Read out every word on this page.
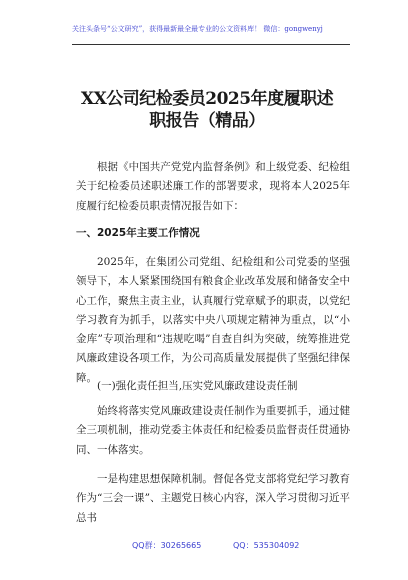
关注头条号“公文研究”，获得最新最全最专业的公文资料库！ 微信：gongwenyj
XX公司纪检委员2025年度履职述职报告（精品）
根据《中国共产党党内监督条例》和上级党委、纪检组关于纪检委员述职述廉工作的部署要求，现将本人2025年度履行纪检委员职责情况报告如下：
一、2025年主要工作情况
2025年，在集团公司党组、纪检组和公司党委的坚强领导下，本人紧紧围绕国有粮食企业改革发展和储备安全中心工作，聚焦主责主业，认真履行党章赋予的职责，以党纪学习教育为抓手，以落实中央八项规定精神为重点，以“小金库”专项治理和“违规吃喝”自查自纠为突破，统筹推进党风廉政建设各项工作，为公司高质量发展提供了坚强纪律保障。
(一)强化责任担当,压实党风廉政建设责任制
始终将落实党风廉政建设责任制作为重要抓手，通过健全三项机制，推动党委主体责任和纪检委员监督责任贯通协同、一体落实。
一是构建思想保障机制。督促各党支部将党纪学习教育作为“三会一课”、主题党日核心内容，深入学习贯彻习近平总书
QQ群：30265665	QQ：535304092
